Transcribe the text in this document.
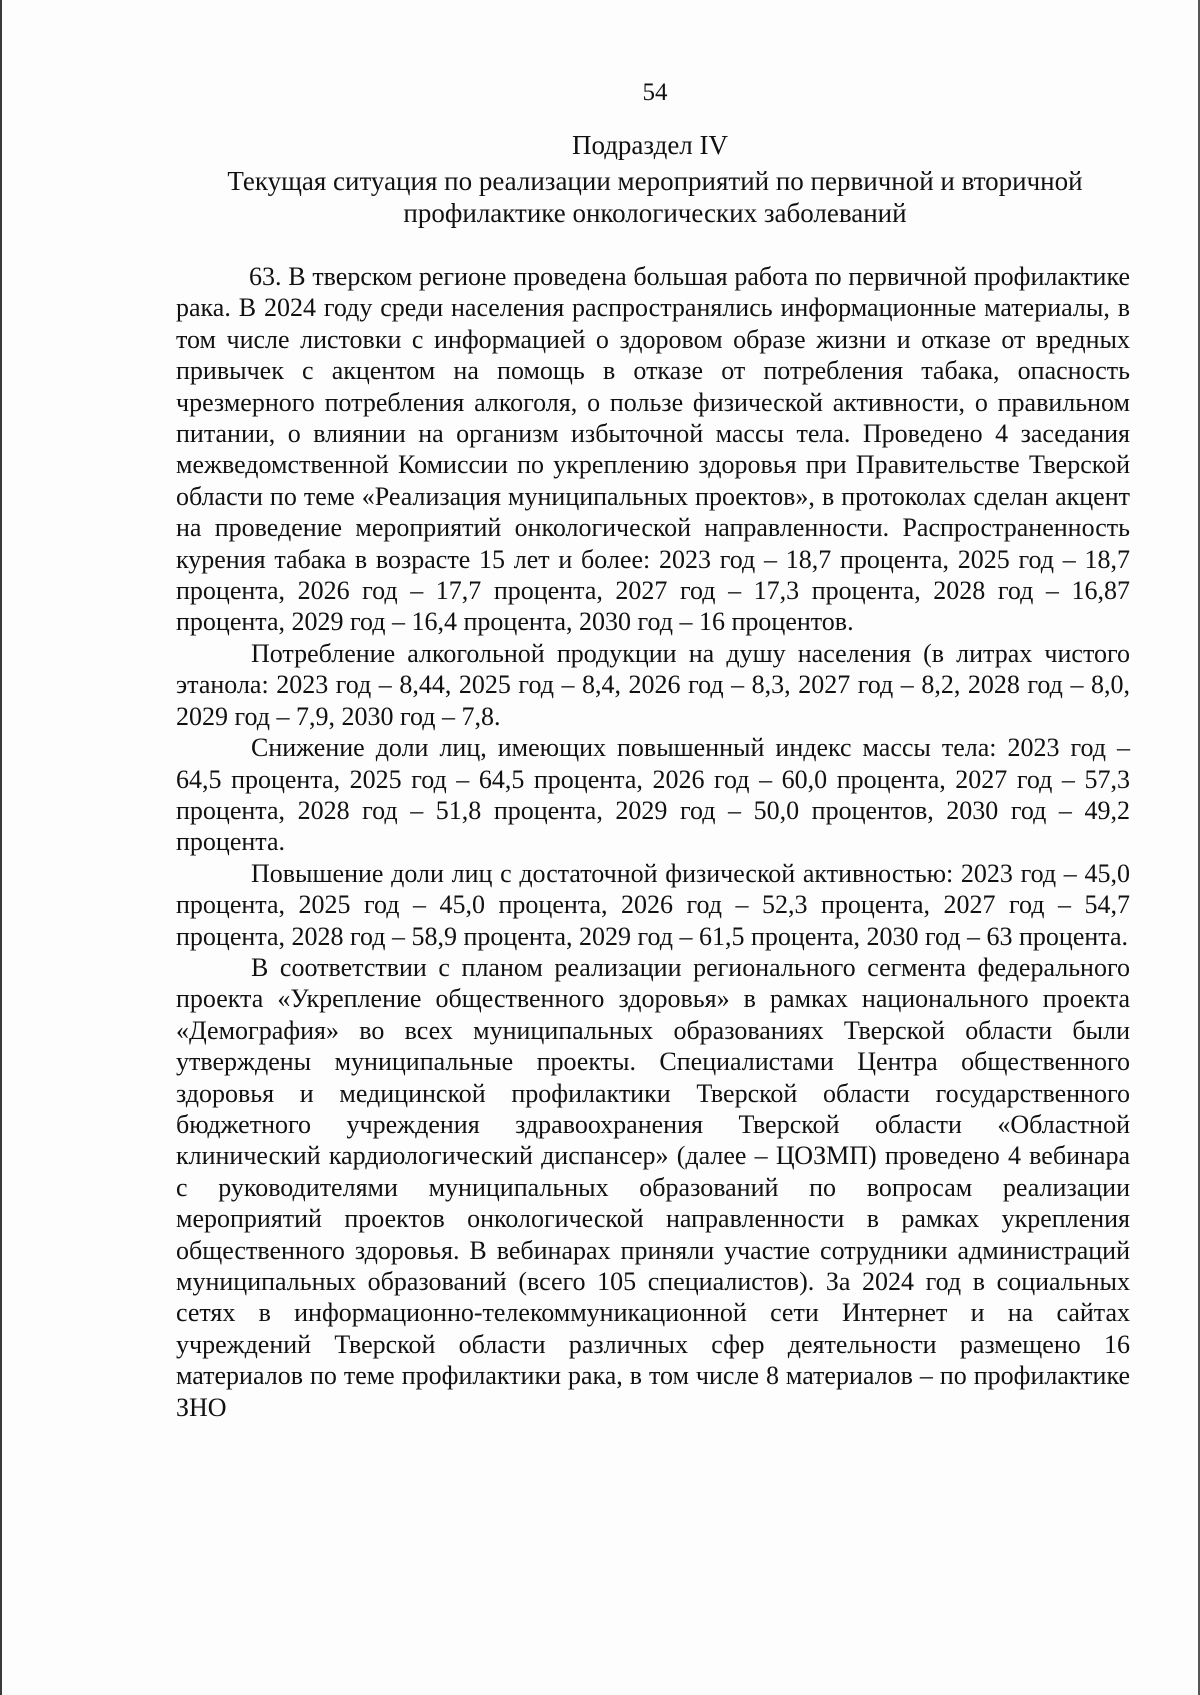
54
Подраздел IV
Текущая ситуация по реализации мероприятий по первичной и вторичной
профилактике онкологических заболеваний

63. В тверском регионе проведена большая работа по первичной профилактике рака. В 2024 году среди населения распространялись информационные материалы, в том числе листовки с информацией о здоровом образе жизни и отказе от вредных привычек с акцентом на помощь в отказе от потребления табака, опасность чрезмерного потребления алкоголя, о пользе физической активности, о правильном питании, о влиянии на организм избыточной массы тела. Проведено 4 заседания межведомственной Комиссии по укреплению здоровья при Правительстве Тверской области по теме «Реализация муниципальных проектов», в протоколах сделан акцент на проведение мероприятий онкологической направленности. Распространенность курения табака в возрасте 15 лет и более: 2023 год – 18,7 процента, 2025 год – 18,7 процента, 2026 год – 17,7 процента, 2027 год – 17,3 процента, 2028 год – 16,87 процента, 2029 год – 16,4 процента, 2030 год – 16 процентов.

Потребление алкогольной продукции на душу населения (в литрах чистого этанола: 2023 год – 8,44, 2025 год – 8,4, 2026 год – 8,3, 2027 год – 8,2, 2028 год – 8,0, 2029 год – 7,9, 2030 год – 7,8.

Снижение доли лиц, имеющих повышенный индекс массы тела: 2023 год – 64,5 процента, 2025 год – 64,5 процента, 2026 год – 60,0 процента, 2027 год – 57,3 процента, 2028 год – 51,8 процента, 2029 год – 50,0 процентов, 2030 год – 49,2 процента.

Повышение доли лиц с достаточной физической активностью: 2023 год – 45,0 процента, 2025 год – 45,0 процента, 2026 год – 52,3 процента, 2027 год – 54,7 процента, 2028 год – 58,9 процента, 2029 год – 61,5 процента, 2030 год – 63 процента.

В соответствии с планом реализации регионального сегмента федерального проекта «Укрепление общественного здоровья» в рамках национального проекта «Демография» во всех муниципальных образованиях Тверской области были утверждены муниципальные проекты. Специалистами Центра общественного здоровья и медицинской профилактики Тверской области государственного бюджетного учреждения здравоохранения Тверской области «Областной клинический кардиологический диспансер» (далее – ЦОЗМП) проведено 4 вебинара с руководителями муниципальных образований по вопросам реализации мероприятий проектов онкологической направленности в рамках укрепления общественного здоровья. В вебинарах приняли участие сотрудники администраций муниципальных образований (всего 105 специалистов). За 2024 год в социальных сетях в информационно-телекоммуникационной сети Интернет и на сайтах учреждений Тверской области различных сфер деятельности размещено 16 материалов по теме профилактики рака, в том числе 8 материалов – по профилактике ЗНО
